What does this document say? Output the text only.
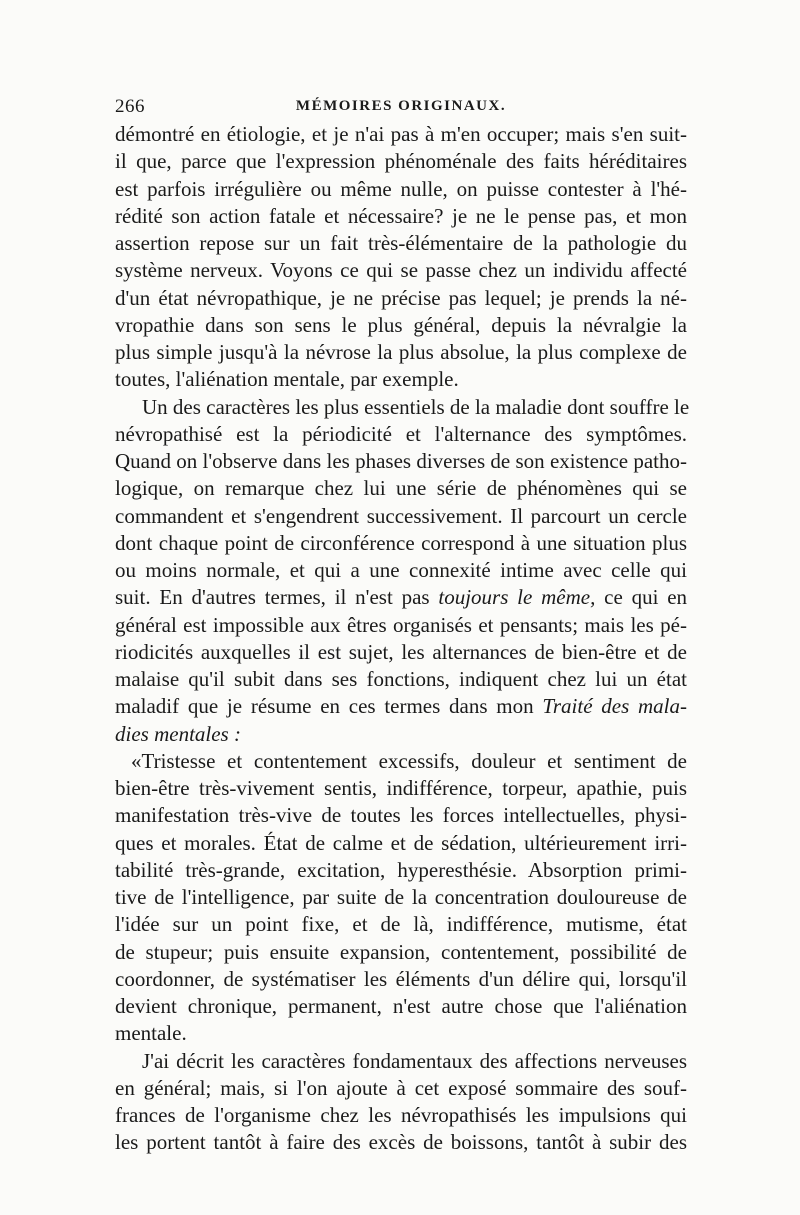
266	MÉMOIRES ORIGINAUX.
démontré en étiologie, et je n'ai pas à m'en occuper; mais s'en suit-
il que, parce que l'expression phénoménale des faits héréditaires
est parfois irrégulière ou même nulle, on puisse contester à l'hé-
rédité son action fatale et nécessaire? je ne le pense pas, et mon
assertion repose sur un fait très-élémentaire de la pathologie du
système nerveux. Voyons ce qui se passe chez un individu affecté
d'un état névropathique, je ne précise pas lequel; je prends la né-
vropathie dans son sens le plus général, depuis la névralgie la
plus simple jusqu'à la névrose la plus absolue, la plus complexe de
toutes, l'aliénation mentale, par exemple.
Un des caractères les plus essentiels de la maladie dont souffre le
névropathisé est la périodicité et l'alternance des symptômes.
Quand on l'observe dans les phases diverses de son existence patho-
logique, on remarque chez lui une série de phénomènes qui se
commandent et s'engendrent successivement. Il parcourt un cercle
dont chaque point de circonférence correspond à une situation plus
ou moins normale, et qui a une connexité intime avec celle qui
suit. En d'autres termes, il n'est pas toujours le même, ce qui en
général est impossible aux êtres organisés et pensants; mais les pé-
riodicités auxquelles il est sujet, les alternances de bien-être et de
malaise qu'il subit dans ses fonctions, indiquent chez lui un état
maladif que je résume en ces termes dans mon Traité des mala-
dies mentales :
«Tristesse et contentement excessifs, douleur et sentiment de
bien-être très-vivement sentis, indifférence, torpeur, apathie, puis
manifestation très-vive de toutes les forces intellectuelles, physi-
ques et morales. État de calme et de sédation, ultérieurement irri-
tabilité très-grande, excitation, hyperesthésie. Absorption primi-
tive de l'intelligence, par suite de la concentration douloureuse de
l'idée sur un point fixe, et de là, indifférence, mutisme, état
de stupeur; puis ensuite expansion, contentement, possibilité de
coordonner, de systématiser les éléments d'un délire qui, lorsqu'il
devient chronique, permanent, n'est autre chose que l'aliénation
mentale.
J'ai décrit les caractères fondamentaux des affections nerveuses
en général; mais, si l'on ajoute à cet exposé sommaire des souf-
frances de l'organisme chez les névropathisés les impulsions qui
les portent tantôt à faire des excès de boissons, tantôt à subir des
